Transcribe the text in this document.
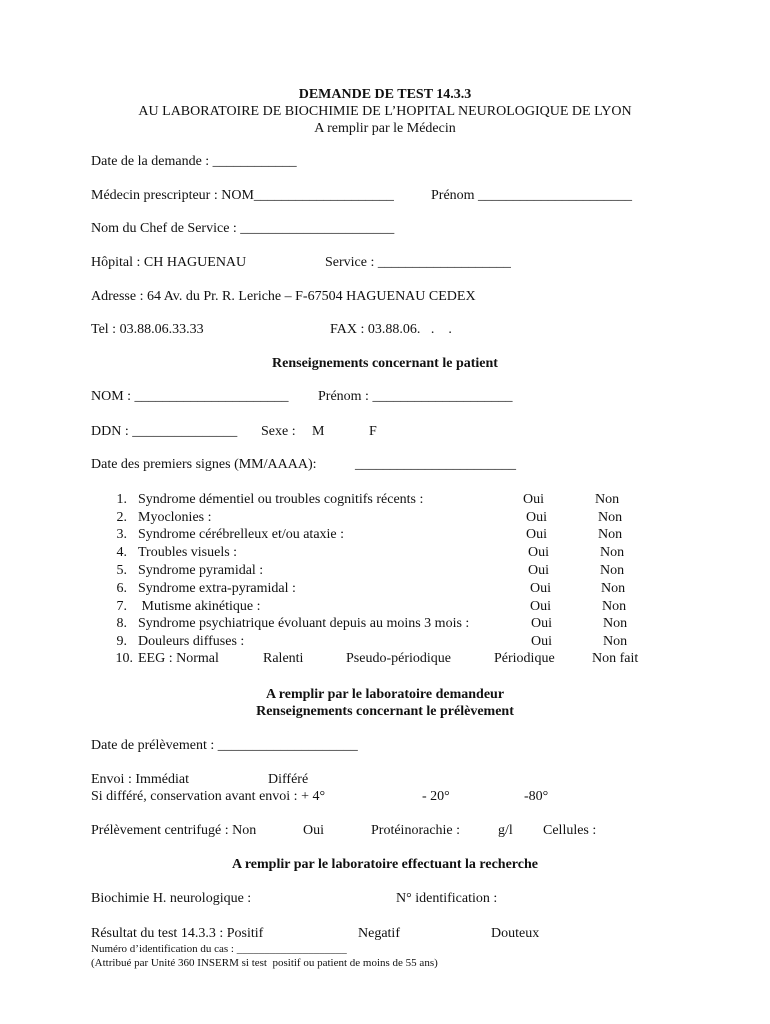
DEMANDE DE TEST 14.3.3
AU LABORATOIRE DE BIOCHIMIE DE L’HOPITAL NEUROLOGIQUE DE LYON
A remplir par le Médecin
Date de la demande : ____________
Médecin prescripteur : NOM____________________	Prénom ______________________
Nom du Chef de Service : ______________________
Hôpital : CH HAGUENAU	Service : ___________________
Adresse : 64 Av. du Pr. R. Leriche – F-67504 HAGUENAU CEDEX
Tel : 03.88.06.33.33	FAX : 03.88.06.   .    .
Renseignements concernant le patient
NOM : ______________________ Prénom : ____________________
DDN : _______________ Sexe : M	F
Date des premiers signes (MM/AAAA):	_______________________
1. Syndrome démentiel ou troubles cognitifs récents :	Oui	Non
2. Myoclonies :	Oui	Non
3. Syndrome cérébrelleux et/ou ataxie :	Oui	Non
4. Troubles visuels :	Oui	Non
5. Syndrome pyramidal :	Oui	Non
6. Syndrome extra-pyramidal :	Oui	Non
7. Mutisme akinétique :	Oui	Non
8. Syndrome psychiatrique évoluant depuis au moins 3 mois :	Oui	Non
9. Douleurs diffuses :	Oui	Non
10. EEG : Normal	Ralenti	Pseudo-périodique	Périodique	Non fait
A remplir par le laboratoire demandeur
Renseignements concernant le prélèvement
Date de prélèvement : ____________________
Envoi : Immédiat	Différé
Si différé, conservation avant envoi : + 4°	- 20°	-80°
Prélèvement centrifugé : Non	Oui	Protéinorachie :	g/l Cellules :
A remplir par le laboratoire effectuant la recherche
Biochimie H. neurologique :	N° identification :
Résultat du test 14.3.3 : Positif	Negatif	Douteux
Numéro d’identification du cas : ____________________
(Attribué par Unité 360 INSERM si test  positif ou patient de moins de 55 ans)
